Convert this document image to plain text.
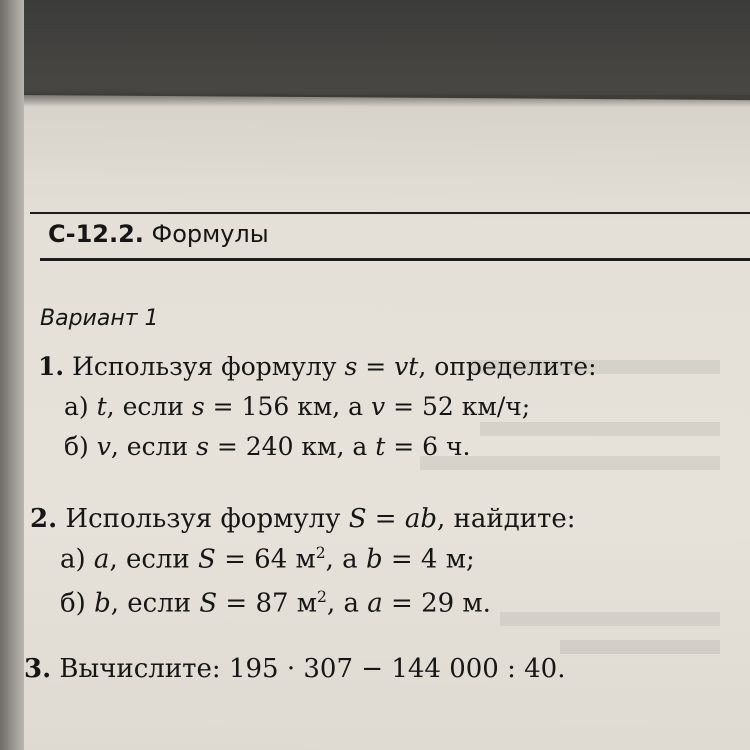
С-12.2. Формулы
Вариант 1
1. Используя формулу s = vt, определите:
а) t, если s = 156 км, а v = 52 км/ч;
б) v, если s = 240 км, а t = 6 ч.
2. Используя формулу S = ab, найдите:
а) a, если S = 64 $м^2$, а b = 4 м;
б) b, если S = 87 $м^2$, а a = 29 м.
3. Вычислите: 195 · 307 − 144 000 : 40.
